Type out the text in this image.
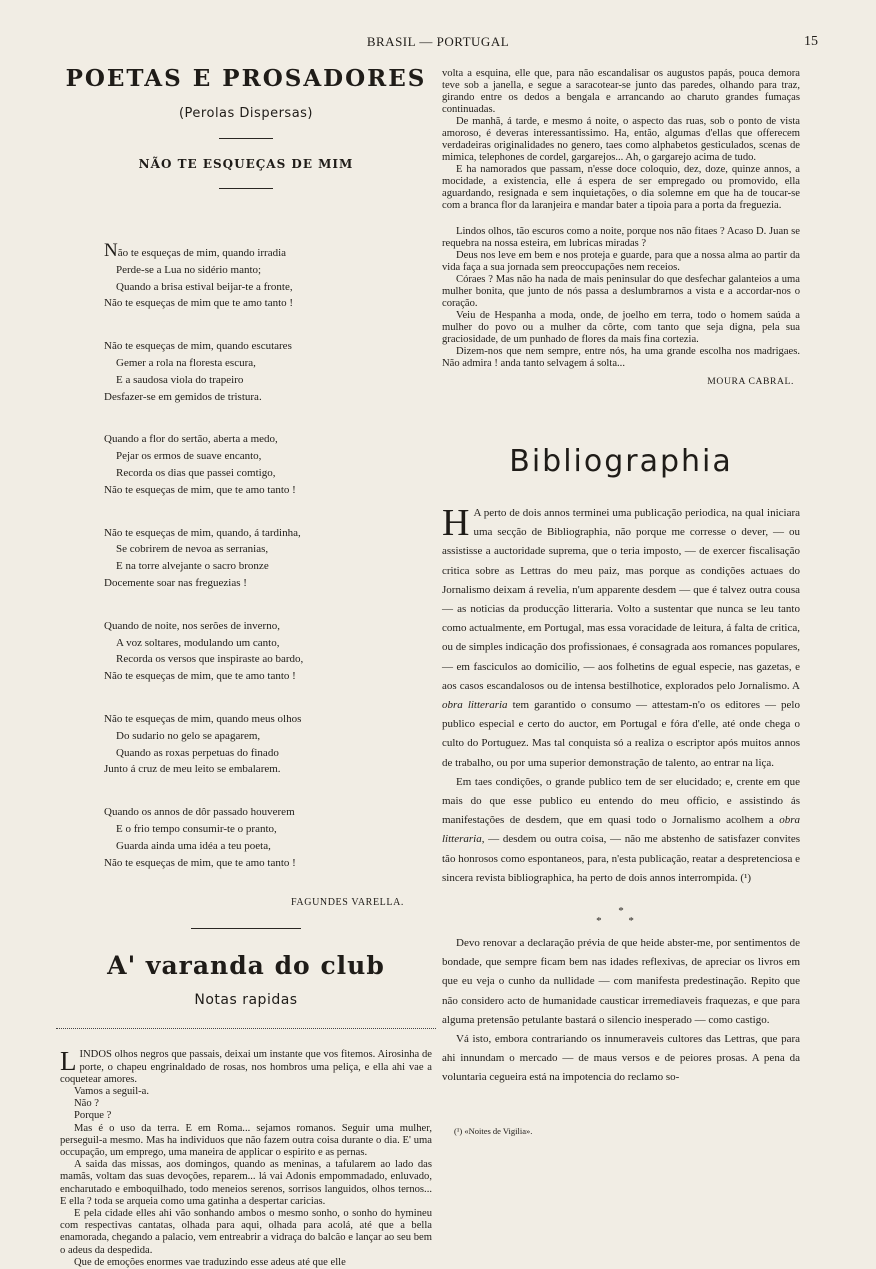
BRASIL — PORTUGAL	15
POETAS E PROSADORES
(Perolas Dispersas)
NÃO TE ESQUEÇAS DE MIM
Não te esqueças de mim, quando irradia
Perde-se a Lua no sidério manto;
Quando a brisa estival beijar-te a fronte,
Não te esqueças de mim que te amo tanto !
Não te esqueças de mim, quando escutares
Gemer a rola na floresta escura,
E a saudosa viola do trapeiro
Desfazer-se em gemidos de tristura.
Quando a flor do sertão, aberta a medo,
Pejar os ermos de suave encanto,
Recorda os dias que passei comtigo,
Não te esqueças de mim, que te amo tanto !
Não te esqueças de mim, quando, á tardinha,
Se cobrirem de nevoa as serranias,
E na torre alvejante o sacro bronze
Docemente soar nas freguezias !
Quando de noite, nos serões de inverno,
A voz soltares, modulando um canto,
Recorda os versos que inspiraste ao bardo,
Não te esqueças de mim, que te amo tanto !
Não te esqueças de mim, quando meus olhos
Do sudario no gelo se apagarem,
Quando as roxas perpetuas do finado
Junto á cruz de meu leito se embalarem.
Quando os annos de dôr passado houverem
E o frio tempo consumir-te o pranto,
Guarda ainda uma idéa a teu poeta,
Não te esqueças de mim, que te amo tanto !
FAGUNDES VARELLA.
A' varanda do club
Notas rapidas

LINDOS olhos negros que passais, deixai um instante que vos fitemos. Airosinha de porte, o chapeu engrinaldado de rosas, nos hombros uma peliça, e ella ahi vae a coquetear amores.

Vamos a seguil-a.

Não ?

Porque ?

Mas é o uso da terra. E em Roma... sejamos romanos. Seguir uma mulher, perseguil-a mesmo. Mas ha individuos que não fazem outra coisa durante o dia. E' uma occupação, um emprego, uma maneira de applicar o espirito e as pernas.

A saida das missas, aos domingos, quando as meninas, a tafularem ao lado das mamãs, voltam das suas devoções, reparem... lá vai Adonis empommadado, enluvado, encharutado e emboquilhado, todo meneios serenos, sorrisos languidos, olhos ternos... E ella ? toda se arqueia como uma gatinha a despertar caricias.

E pela cidade elles ahi vão sonhando ambos o mesmo sonho, o sonho do hymineu com respectivas cantatas, olhada para aqui, olhada para acolá, até que a bella enamorada, chegando a palacio, vem entreabrir a vidraça do balcão e lançar ao seu bem o adeus da despedida.

Que de emoções enormes vae traduzindo esse adeus até que elle

volta a esquina, elle que, para não escandalisar os augustos papás, pouca demora teve sob a janella, e segue a saracotear-se junto das paredes, olhando para traz, girando entre os dedos a bengala e arrancando ao charuto grandes fumaças continuadas.

De manhã, á tarde, e mesmo á noite, o aspecto das ruas, sob o ponto de vista amoroso, é deveras interessantissimo. Ha, então, algumas d'ellas que offerecem verdadeiras originalidades no genero, taes como alphabetos gesticulados, scenas de mimica, telephones de cordel, gargarejos... Ah, o gargarejo acima de tudo.

E ha namorados que passam, n'esse doce coloquio, dez, doze, quinze annos, a mocidade, a existencia, elle á espera de ser empregado ou promovido, ella aguardando, resignada e sem inquietações, o dia solemne em que ha de toucar-se com a branca flor da laranjeira e mandar bater a tipoia para a porta da freguezia.

Lindos olhos, tão escuros como a noite, porque nos não fitaes ? Acaso D. Juan se requebra na nossa esteira, em lubricas miradas ?

Deus nos leve em bem e nos proteja e guarde, para que a nossa alma ao partir da vida faça a sua jornada sem preoccupações nem receios.

Córaes ? Mas não ha nada de mais peninsular do que desfechar galanteios a uma mulher bonita, que junto de nós passa a deslumbrarnos a vista e a accordar-nos o coração.

Veiu de Hespanha a moda, onde, de joelho em terra, todo o homem saúda a mulher do povo ou a mulher da côrte, com tanto que seja digna, pela sua graciosidade, de um punhado de flores da mais fina cortezia.

Dizem-nos que nem sempre, entre nós, ha uma grande escolha nos madrigaes. Não admira ! anda tanto selvagem á solta...

MOURA CABRAL.
Bibliographia

H A perto de dois annos terminei uma publicação periodica, na qual iniciara uma secção de Bibliographia, não porque me corresse o dever, — ou assistisse a auctoridade suprema, que o teria imposto, — de exercer fiscalisação critica sobre as Lettras do meu paiz, mas porque as condições actuaes do Jornalismo deixam á revelia, n'um apparente desdem — que é talvez outra cousa — as noticias da producção litteraria. Volto a sustentar que nunca se leu tanto como actualmente, em Portugal, mas essa voracidade de leitura, á falta de critica, ou de simples indicação dos profissionaes, é consagrada aos romances populares, — em fasciculos ao domicilio, — aos folhetins de egual especie, nas gazetas, e aos casos escandalosos ou de intensa bestilhotice, explorados pelo Jornalismo. A obra litteraria tem garantido o consumo — attestam-n'o os editores — pelo publico especial e certo do auctor, em Portugal e fóra d'elle, até onde chega o culto do Portuguez. Mas tal conquista só a realiza o escriptor após muitos annos de trabalho, ou por uma superior demonstração de talento, ao entrar na liça.

Em taes condições, o grande publico tem de ser elucidado; e, crente em que mais do que esse publico eu entendo do meu officio, e assistindo ás manifestações de desdem, que em quasi todo o Jornalismo acolhem a obra litteraria, — desdem ou outra coisa, — não me abstenho de satisfazer convites tão honrosos como espontaneos, para, n'esta publicação, reatar a despretenciosa e sincera revista bibliographica, ha perto de dois annos interrompida. (¹)

*
* *

Devo renovar a declaração prévia de que heide abster-me, por sentimentos de bondade, que sempre ficam bem nas idades reflexivas, de apreciar os livros em que eu veja o cunho da nullidade — com manifesta predestinação. Repito que não considero acto de humanidade causticar irremediaveis fraquezas, e que para alguma pretensão petulante bastará o silencio inesperado — como castigo.

Vá isto, embora contrariando os innumeraveis cultores das Lettras, que para ahi innundam o mercado — de maus versos e de peiores prosas. A pena da voluntaria cegueira está na impotencia do reclamo so-

(¹) «Noites de Vigilia».
